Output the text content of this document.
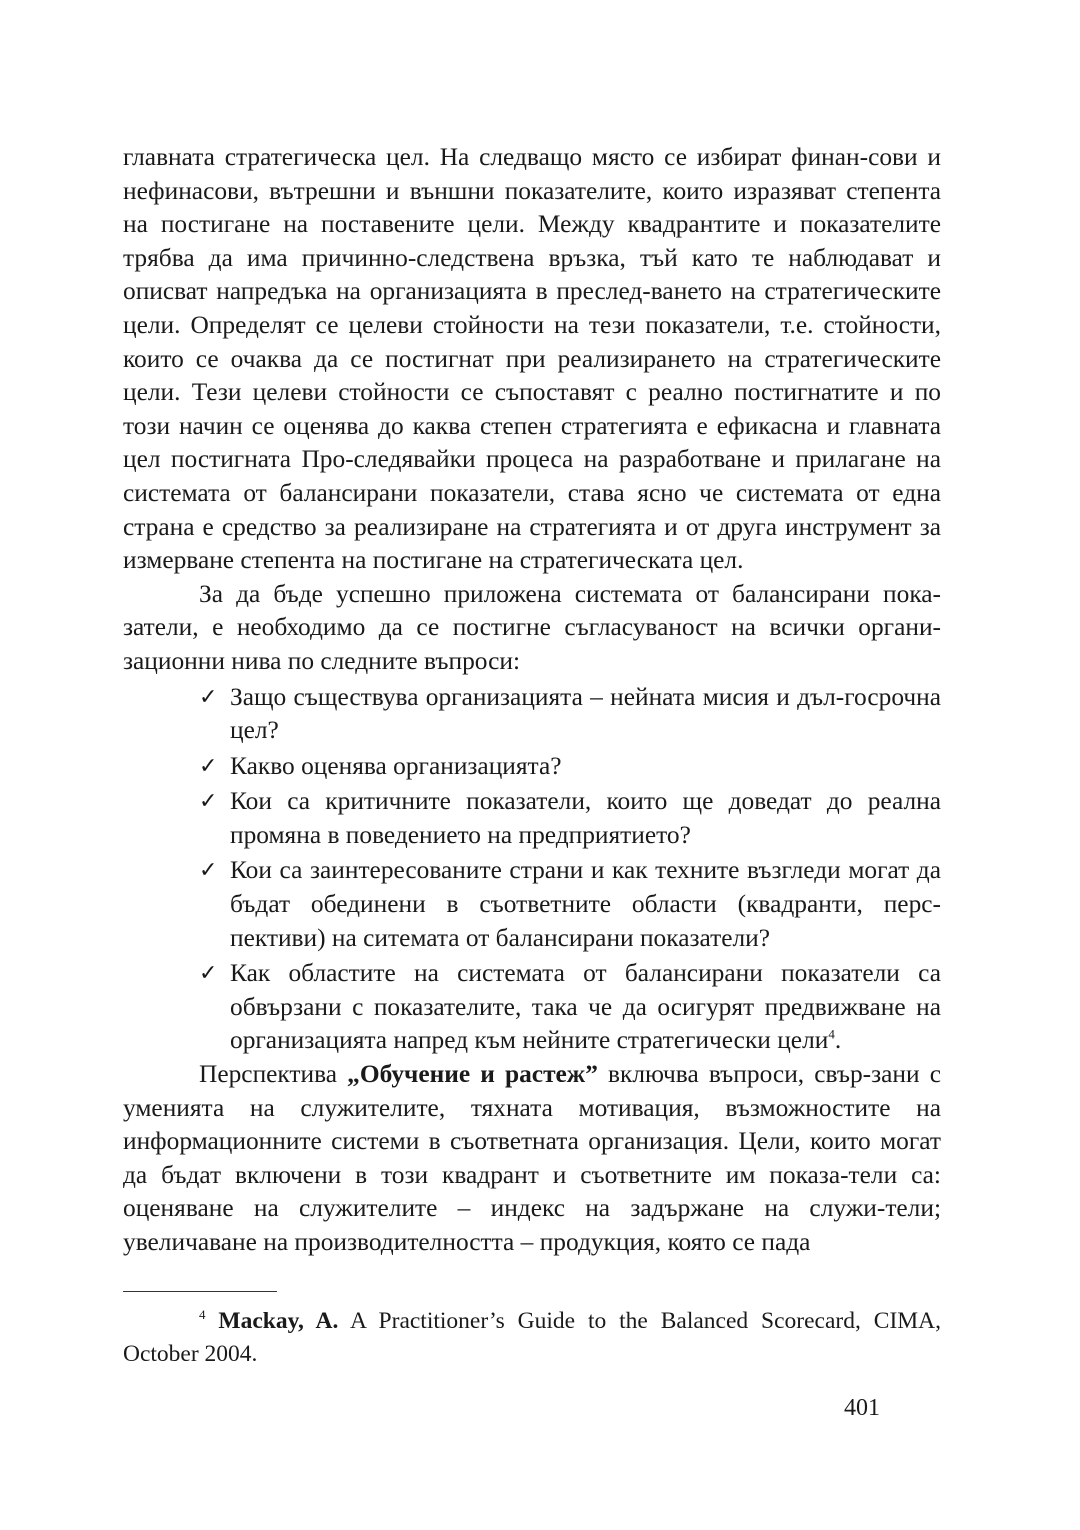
главната стратегическа цел. На следващо място се избират финан-сови и нефинасови, вътрешни и външни показателите, които изразяват степента на постигане на поставените цели. Между квадрантите и показателите трябва да има причинно-следствена връзка, тъй като те наблюдават и описват напредъка на организацията в преслед-ването на стратегическите цели. Определят се целеви стойности на тези показатели, т.е. стойности, които се очаква да се постигнат при реализирането на стратегическите цели. Тези целеви стойности се съпоставят с реално постигнатите и по този начин се оценява до каква степен стратегията е ефикасна и главната цел постигната Про-следявайки процеса на разработване и прилагане на системата от балансирани показатели, става ясно че системата от една страна е средство за реализиране на стратегията и от друга инструмент за измерване степента на постигане на стратегическата цел.

За да бъде успешно приложена системата от балансирани пока-затели, е необходимо да се постигне съгласуваност на всички органи-зационни нива по следните въпроси:

✓ Защо съществува организацията – нейната мисия и дъл-госрочна цел?
✓ Какво оценява организацията?
✓ Кои са критичните показатели, които ще доведат до реална промяна в поведението на предприятието?
✓ Кои са заинтересованите страни и как техните възгледи могат да бъдат обединени в съответните области (квадранти, перс-пективи) на ситемата от балансирани показатели?
✓ Как областите на системата от балансирани показатели са обвързани с показателите, така че да осигурят предвижване на организацията напред към нейните стратегически цели$^4$.

Перспектива „Обучение и растеж” включва въпроси, свър-зани с уменията на служителите, тяхната мотивация, възможностите на информационните системи в съответната организация. Цели, които могат да бъдат включени в този квадрант и съответните им показа-тели са: оценяване на служителите – индекс на задържане на служи-тели; увеличаване на производителността – продукция, която се пада

$^4$ Mackay, A. A Practitioner’s Guide to the Balanced Scorecard, CIMA, October 2004.
401
